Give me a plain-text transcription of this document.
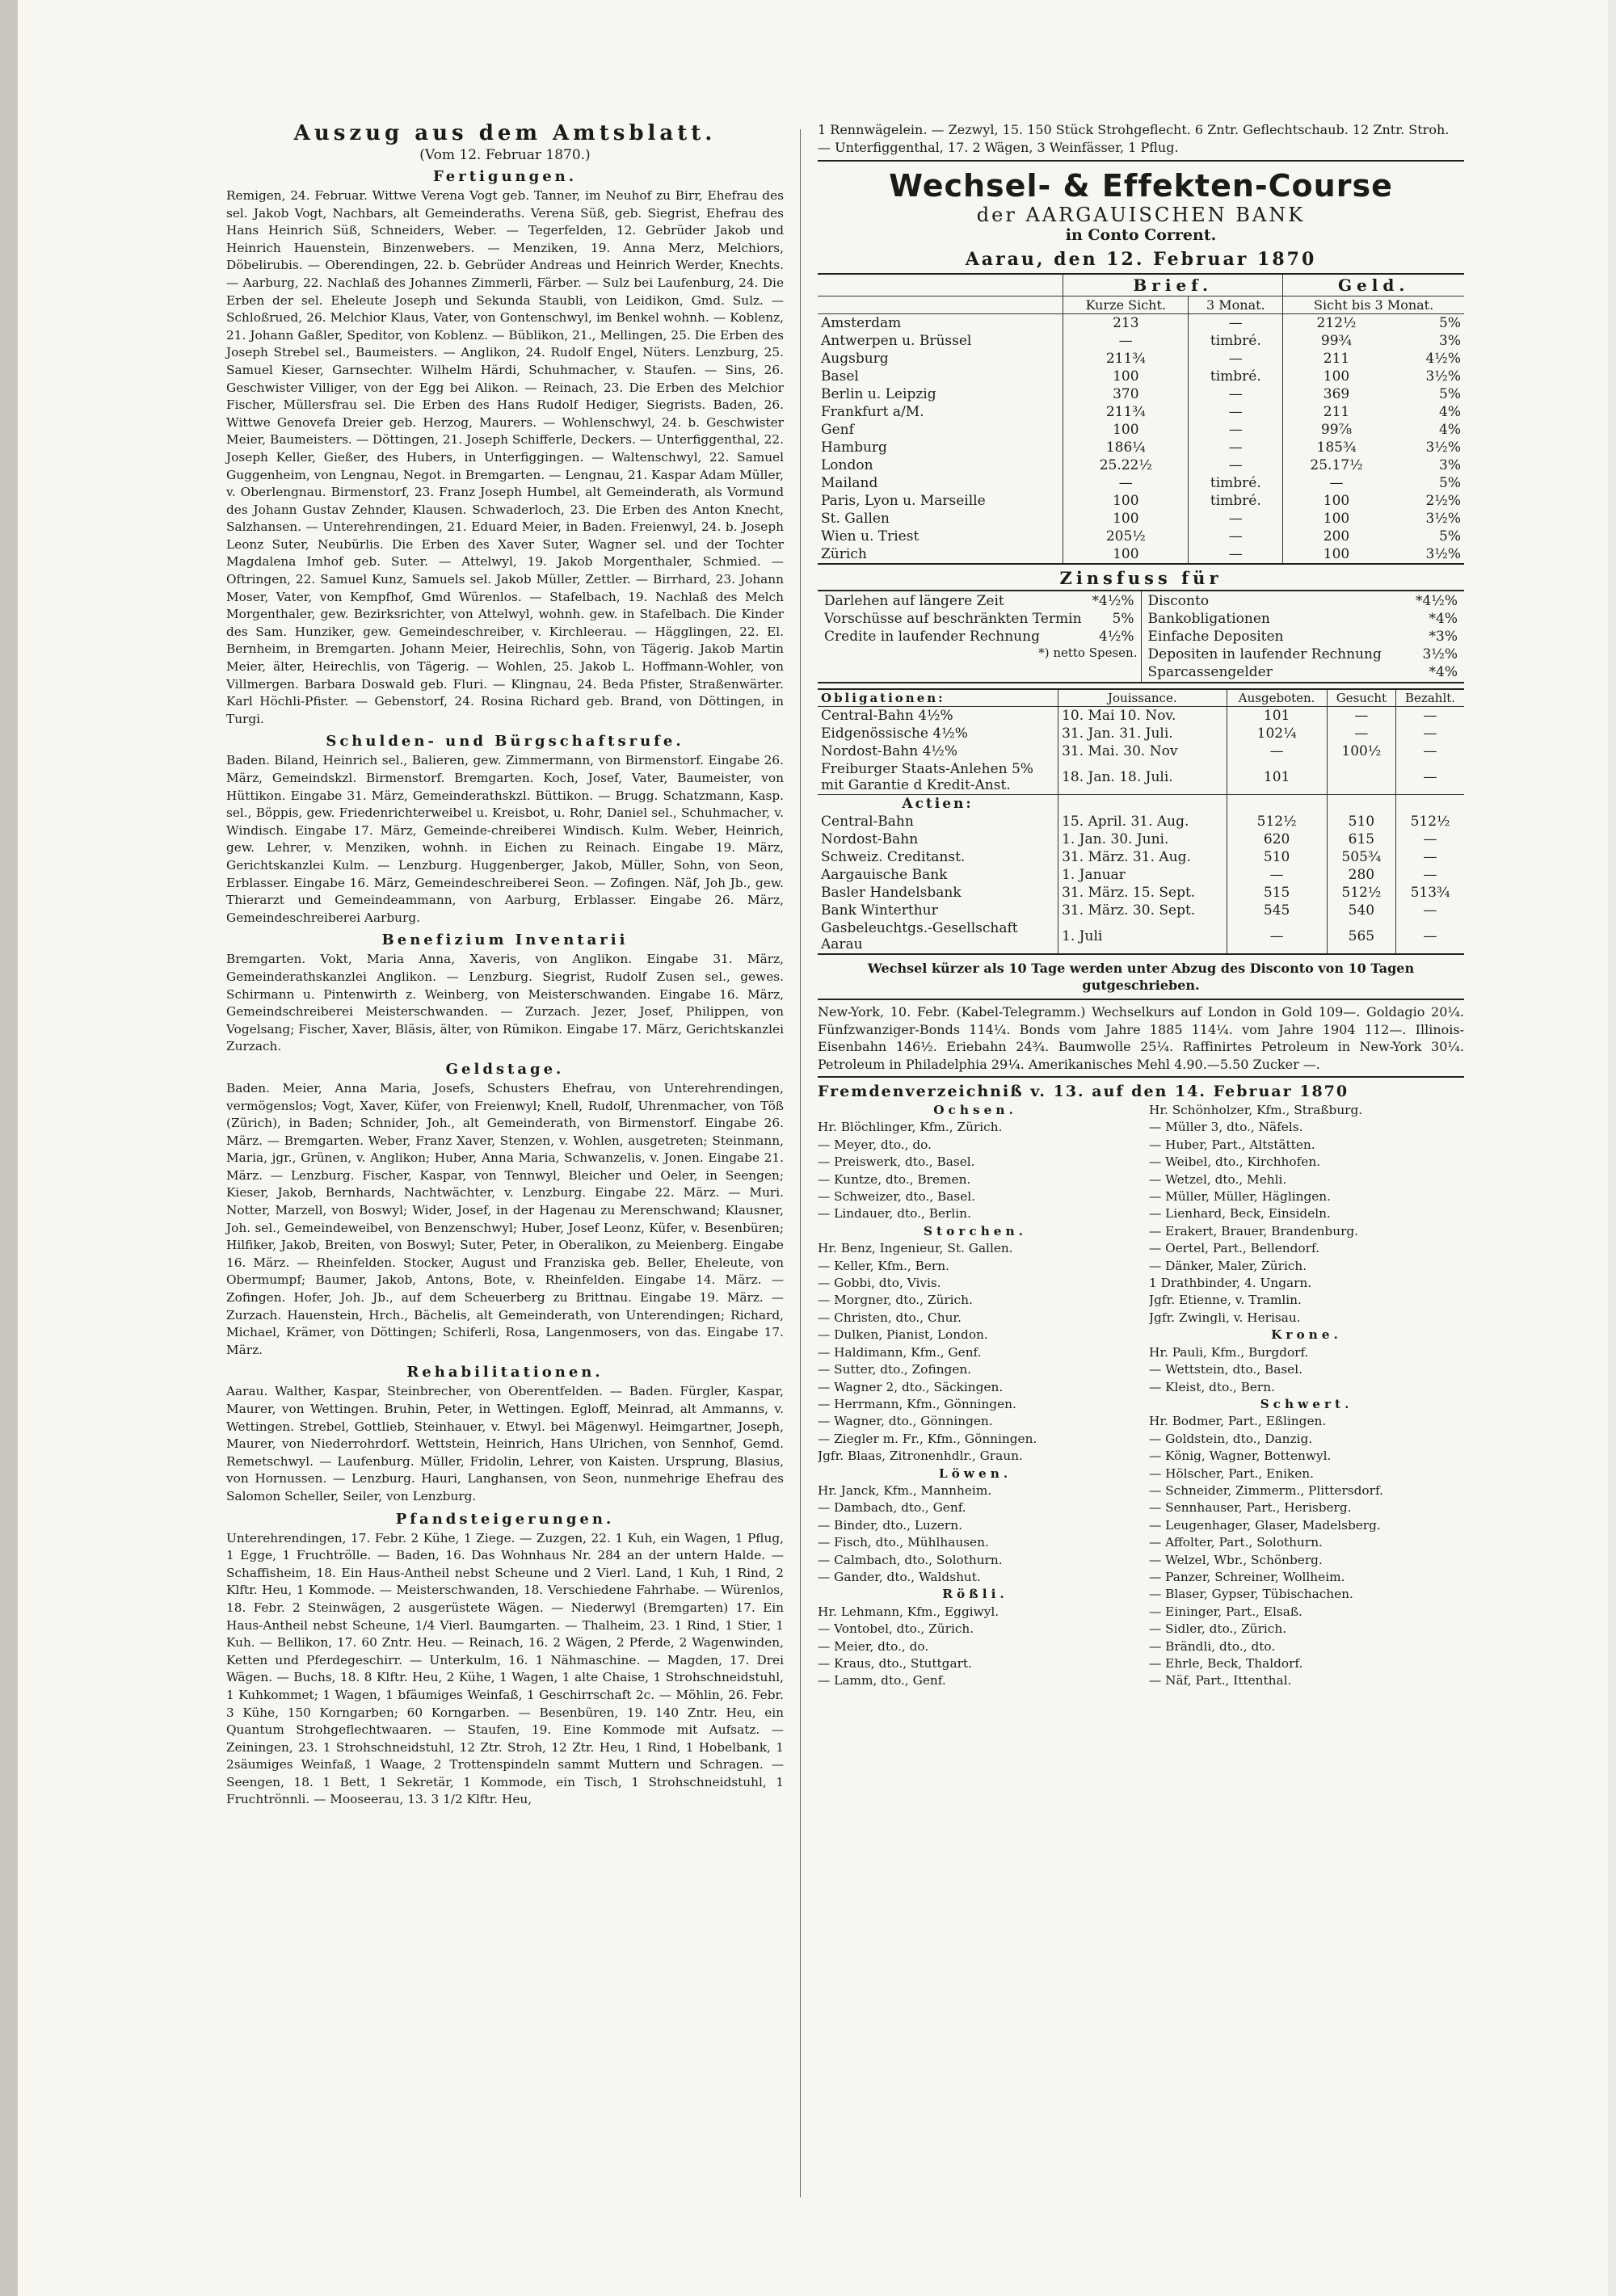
Auszug aus dem Amtsblatt.
(Vom 12. Februar 1870.)
Fertigungen.

Remigen, 24. Februar. Wittwe Verena Vogt geb. Tanner, im Neuhof zu Birr, Ehefrau des sel. Jakob Vogt, Nachbars, alt Gemeinderaths. Verena Süß, geb. Siegrist, Ehefrau des Hans Heinrich Süß, Schneiders, Weber. — Tegerfelden, 12. Gebrüder Jakob und Heinrich Hauenstein, Binzenwebers. — Menziken, 19. Anna Merz, Melchiors, Döbelirubis. — Oberendingen, 22. b. Gebrüder Andreas und Heinrich Werder, Knechts. — Aarburg, 22. Nachlaß des Johannes Zimmerli, Färber. — Sulz bei Laufenburg, 24. Die Erben der sel. Eheleute Joseph und Sekunda Staubli, von Leidikon, Gmd. Sulz. — Schloßrued, 26. Melchior Klaus, Vater, von Gontenschwyl, im Benkel wohnh. — Koblenz, 21. Johann Gaßler, Speditor, von Koblenz. — Büblikon, 21., Mellingen, 25. Die Erben des Joseph Strebel sel., Baumeisters. — Anglikon, 24. Rudolf Engel, Nüters. Lenzburg, 25. Samuel Kieser, Garnsechter. Wilhelm Härdi, Schuhmacher, v. Staufen. — Sins, 26. Geschwister Villiger, von der Egg bei Alikon. — Reinach, 23. Die Erben des Melchior Fischer, Müllersfrau sel. Die Erben des Hans Rudolf Hediger, Siegrists. Baden, 26. Wittwe Genovefa Dreier geb. Herzog, Maurers. — Wohlenschwyl, 24. b. Geschwister Meier, Baumeisters. — Döttingen, 21. Joseph Schifferle, Deckers. — Unterfiggenthal, 22. Joseph Keller, Gießer, des Hubers, in Unterfiggingen. — Waltenschwyl, 22. Samuel Guggenheim, von Lengnau, Negot. in Bremgarten. — Lengnau, 21. Kaspar Adam Müller, v. Oberlengnau. Birmenstorf, 23. Franz Joseph Humbel, alt Gemeinderath, als Vormund des Johann Gustav Zehnder, Klausen. Schwaderloch, 23. Die Erben des Anton Knecht, Salzhansen. — Unterehrendingen, 21. Eduard Meier, in Baden. Freienwyl, 24. b. Joseph Leonz Suter, Neubürlis. Die Erben des Xaver Suter, Wagner sel. und der Tochter Magdalena Imhof geb. Suter. — Attelwyl, 19. Jakob Morgenthaler, Schmied. — Oftringen, 22. Samuel Kunz, Samuels sel. Jakob Müller, Zettler. — Birrhard, 23. Johann Moser, Vater, von Kempfhof, Gmd Würenlos. — Stafelbach, 19. Nachlaß des Melch Morgenthaler, gew. Bezirksrichter, von Attelwyl, wohnh. gew. in Stafelbach. Die Kinder des Sam. Hunziker, gew. Gemeindeschreiber, v. Kirchleerau. — Hägglingen, 22. El. Bernheim, in Bremgarten. Johann Meier, Heirechlis, Sohn, von Tägerig. Jakob Martin Meier, älter, Heirechlis, von Tägerig. — Wohlen, 25. Jakob L. Hoffmann-Wohler, von Villmergen. Barbara Doswald geb. Fluri. — Klingnau, 24. Beda Pfister, Straßenwärter. Karl Höchli-Pfister. — Gebenstorf, 24. Rosina Richard geb. Brand, von Döttingen, in Turgi.

Schulden- und Bürgschaftsrufe.

Baden. Biland, Heinrich sel., Balieren, gew. Zimmermann, von Birmenstorf. Eingabe 26. März, Gemeindskzl. Birmenstorf. Bremgarten. Koch, Josef, Vater, Baumeister, von Hüttikon. Eingabe 31. März, Gemeinderathskzl. Büttikon. — Brugg. Schatzmann, Kasp. sel., Böppis, gew. Friedenrichterweibel u. Kreisbot, u. Rohr, Daniel sel., Schuhmacher, v. Windisch. Eingabe 17. März, Gemeinde-chreiberei Windisch. Kulm. Weber, Heinrich, gew. Lehrer, v. Menziken, wohnh. in Eichen zu Reinach. Eingabe 19. März, Gerichtskanzlei Kulm. — Lenzburg. Huggenberger, Jakob, Müller, Sohn, von Seon, Erblasser. Eingabe 16. März, Gemeindeschreiberei Seon. — Zofingen. Näf, Joh Jb., gew. Thierarzt und Gemeindeammann, von Aarburg, Erblasser. Eingabe 26. März, Gemeindeschreiberei Aarburg.

Benefizium Inventarii

Bremgarten. Vokt, Maria Anna, Xaveris, von Anglikon. Eingabe 31. März, Gemeinderathskanzlei Anglikon. — Lenzburg. Siegrist, Rudolf Zusen sel., gewes. Schirmann u. Pintenwirth z. Weinberg, von Meisterschwanden. Eingabe 16. März, Gemeindschreiberei Meisterschwanden. — Zurzach. Jezer, Josef, Philippen, von Vogelsang; Fischer, Xaver, Bläsis, älter, von Rümikon. Eingabe 17. März, Gerichtskanzlei Zurzach.

Geldstage.

Baden. Meier, Anna Maria, Josefs, Schusters Ehefrau, von Unterehrendingen, vermögenslos; Vogt, Xaver, Küfer, von Freienwyl; Knell, Rudolf, Uhrenmacher, von Töß (Zürich), in Baden; Schnider, Joh., alt Gemeinderath, von Birmenstorf. Eingabe 26. März. — Bremgarten. Weber, Franz Xaver, Stenzen, v. Wohlen, ausgetreten; Steinmann, Maria, jgr., Grünen, v. Anglikon; Huber, Anna Maria, Schwanzelis, v. Jonen. Eingabe 21. März. — Lenzburg. Fischer, Kaspar, von Tennwyl, Bleicher und Oeler, in Seengen; Kieser, Jakob, Bernhards, Nachtwächter, v. Lenzburg. Eingabe 22. März. — Muri. Notter, Marzell, von Boswyl; Wider, Josef, in der Hagenau zu Merenschwand; Klausner, Joh. sel., Gemeindeweibel, von Benzenschwyl; Huber, Josef Leonz, Küfer, v. Besenbüren; Hilfiker, Jakob, Breiten, von Boswyl; Suter, Peter, in Oberalikon, zu Meienberg. Eingabe 16. März. — Rheinfelden. Stocker, August und Franziska geb. Beller, Eheleute, von Obermumpf; Baumer, Jakob, Antons, Bote, v. Rheinfelden. Eingabe 14. März. — Zofingen. Hofer, Joh. Jb., auf dem Scheuerberg zu Brittnau. Eingabe 19. März. — Zurzach. Hauenstein, Hrch., Bächelis, alt Gemeinderath, von Unterendingen; Richard, Michael, Krämer, von Döttingen; Schiferli, Rosa, Langenmosers, von das. Eingabe 17. März.

Rehabilitationen.

Aarau. Walther, Kaspar, Steinbrecher, von Oberentfelden. — Baden. Fürgler, Kaspar, Maurer, von Wettingen. Bruhin, Peter, in Wettingen. Egloff, Meinrad, alt Ammanns, v. Wettingen. Strebel, Gottlieb, Steinhauer, v. Etwyl. bei Mägenwyl. Heimgartner, Joseph, Maurer, von Niederrohrdorf. Wettstein, Heinrich, Hans Ulrichen, von Sennhof, Gemd. Remetschwyl. — Laufenburg. Müller, Fridolin, Lehrer, von Kaisten. Ursprung, Blasius, von Hornussen. — Lenzburg. Hauri, Langhansen, von Seon, nunmehrige Ehefrau des Salomon Scheller, Seiler, von Lenzburg.

Pfandsteigerungen.

Unterehrendingen, 17. Febr. 2 Kühe, 1 Ziege. — Zuzgen, 22. 1 Kuh, ein Wagen, 1 Pflug, 1 Egge, 1 Fruchtrölle. — Baden, 16. Das Wohnhaus Nr. 284 an der untern Halde. — Schaffisheim, 18. Ein Haus-Antheil nebst Scheune und 2 Vierl. Land, 1 Kuh, 1 Rind, 2 Klftr. Heu, 1 Kommode. — Meisterschwanden, 18. Verschiedene Fahrhabe. — Würenlos, 18. Febr. 2 Steinwägen, 2 ausgerüstete Wägen. — Niederwyl (Bremgarten) 17. Ein Haus-Antheil nebst Scheune, 1/4 Vierl. Baumgarten. — Thalheim, 23. 1 Rind, 1 Stier, 1 Kuh. — Bellikon, 17. 60 Zntr. Heu. — Reinach, 16. 2 Wägen, 2 Pferde, 2 Wagenwinden, Ketten und Pferdegeschirr. — Unterkulm, 16. 1 Nähmaschine. — Magden, 17. Drei Wägen. — Buchs, 18. 8 Klftr. Heu, 2 Kühe, 1 Wagen, 1 alte Chaise, 1 Strohschneidstuhl, 1 Kuhkommet; 1 Wagen, 1 bfäumiges Weinfaß, 1 Geschirrschaft 2c. — Möhlin, 26. Febr. 3 Kühe, 150 Korngarben; 60 Korngarben. — Besenbüren, 19. 140 Zntr. Heu, ein Quantum Strohgeflechtwaaren. — Staufen, 19. Eine Kommode mit Aufsatz. — Zeiningen, 23. 1 Strohschneidstuhl, 12 Ztr. Stroh, 12 Ztr. Heu, 1 Rind, 1 Hobelbank, 1 2säumiges Weinfaß, 1 Waage, 2 Trottenspindeln sammt Muttern und Schragen. — Seengen, 18. 1 Bett, 1 Sekretär, 1 Kommode, ein Tisch, 1 Strohschneidstuhl, 1 Fruchtrönnli. — Mooseerau, 13. 3 1/2 Klftr. Heu,

1 Rennwägelein. — Zezwyl, 15. 150 Stück Strohgeflecht. 6 Zntr. Geflechtschaub. 12 Zntr. Stroh. — Unterfiggenthal, 17. 2 Wägen, 3 Weinfässer, 1 Pflug.
Wechsel- & Effekten-Course
der AARGAUISCHEN BANK
in Conto Corrent.
Aarau, den 12. Februar 1870
	Brief.		Geld.	
	Kurze Sicht.	3 Monat.	Sicht bis 3 Monat.	
Amsterdam	213	—	212½	5%
Antwerpen u. Brüssel	—	timbré.	99¾	3%
Augsburg	211¾	—	211	4½%
Basel	100	timbré.	100	3½%
Berlin u. Leipzig	370	—	369	5%
Frankfurt a/M.	211¾	—	211	4%
Genf	100	—	99⅞	4%
Hamburg	186¼	—	185¾	3½%
London	25.22½	—	25.17½	3%
Mailand	—	timbré.	—	5%
Paris, Lyon u. Marseille	100	timbré.	100	2½%
St. Gallen	100	—	100	3½%
Wien u. Triest	205½	—	200	5%
Zürich	100	—	100	3½%
Zinsfuss für
Darlehen auf längere Zeit	*4½%
Vorschüsse auf beschränkten Termin	5%
Credite in laufender Rechnung	4½%
*) netto Spesen.

Disconto	*4½%
Bankobligationen	*4%
Einfache Depositen	*3%
Depositen in laufender Rechnung	3½%
Sparcassengelder	*4%
Obligationen:	Jouissance.	Ausgeboten.	Gesucht	Bezahlt.
Central-Bahn 4½%	10. Mai 10. Nov.	101	—	—
Eidgenössische 4½%	31. Jan. 31. Juli.	102¼	—	—
Nordost-Bahn 4½%	31. Mai. 30. Nov	—	100½	—
Freiburger Staats-Anlehen 5% mit Garantie d Kredit-Anst.	18. Jan. 18. Juli.	101		—
Actien:				
Central-Bahn	15. April. 31. Aug.	512½	510	512½
Nordost-Bahn	1. Jan. 30. Juni.	620	615	—
Schweiz. Creditanst.	31. März. 31. Aug.	510	505¾	—
Aargauische Bank	1. Januar	—	280	—
Basler Handelsbank	31. März. 15. Sept.	515	512½	513¾
Bank Winterthur	31. März. 30. Sept.	545	540	—
Gasbeleuchtgs.-Gesellschaft Aarau	1. Juli	—	565	—
Wechsel kürzer als 10 Tage werden unter Abzug des Disconto von 10 Tagen gutgeschrieben.
New-York, 10. Febr. (Kabel-Telegramm.) Wechselkurs auf London in Gold 109—. Goldagio 20¼. Fünfzwanziger-Bonds 114¼. Bonds vom Jahre 1885 114¼. vom Jahre 1904 112—. Illinois-Eisenbahn 146½. Eriebahn 24¾. Baumwolle 25¼. Raffinirtes Petroleum in New-York 30¼. Petroleum in Philadelphia 29¼. Amerikanisches Mehl 4.90.—5.50 Zucker —.
Fremdenverzeichniß v. 13. auf den 14. Februar 1870
Ochsen.
Hr. Blöchlinger, Kfm., Zürich.
— Meyer, dto., do.
— Preiswerk, dto., Basel.
— Kuntze, dto., Bremen.
— Schweizer, dto., Basel.
— Lindauer, dto., Berlin.
Storchen.
Hr. Benz, Ingenieur, St. Gallen.
— Keller, Kfm., Bern.
— Gobbi, dto, Vivis.
— Morgner, dto., Zürich.
— Christen, dto., Chur.
— Dulken, Pianist, London.
— Haldimann, Kfm., Genf.
— Sutter, dto., Zofingen.
— Wagner 2, dto., Säckingen.
— Herrmann, Kfm., Gönningen.
— Wagner, dto., Gönningen.
— Ziegler m. Fr., Kfm., Gönningen.
Jgfr. Blaas, Zitronenhdlr., Graun.
Löwen.
Hr. Janck, Kfm., Mannheim.
— Dambach, dto., Genf.
— Binder, dto., Luzern.
— Fisch, dto., Mühlhausen.
— Calmbach, dto., Solothurn.
— Gander, dto., Waldshut.
Rößli.
Hr. Lehmann, Kfm., Eggiwyl.
— Vontobel, dto., Zürich.
— Meier, dto., do.
— Kraus, dto., Stuttgart.
— Lamm, dto., Genf.
Hr. Schönholzer, Kfm., Straßburg.
— Müller 3, dto., Näfels.
— Huber, Part., Altstätten.
— Weibel, dto., Kirchhofen.
— Wetzel, dto., Mehli.
— Müller, Müller, Häglingen.
— Lienhard, Beck, Einsideln.
— Erakert, Brauer, Brandenburg.
— Oertel, Part., Bellendorf.
— Dänker, Maler, Zürich.
1 Drathbinder, 4. Ungarn.
Jgfr. Etienne, v. Tramlin.
Jgfr. Zwingli, v. Herisau.
Krone.
Hr. Pauli, Kfm., Burgdorf.
— Wettstein, dto., Basel.
— Kleist, dto., Bern.
Schwert.
Hr. Bodmer, Part., Eßlingen.
— Goldstein, dto., Danzig.
— König, Wagner, Bottenwyl.
— Hölscher, Part., Eniken.
— Schneider, Zimmerm., Plittersdorf.
— Sennhauser, Part., Herisberg.
— Leugenhager, Glaser, Madelsberg.
— Affolter, Part., Solothurn.
— Welzel, Wbr., Schönberg.
— Panzer, Schreiner, Wollheim.
— Blaser, Gypser, Tübischachen.
— Eininger, Part., Elsaß.
— Sidler, dto., Zürich.
— Brändli, dto., dto.
— Ehrle, Beck, Thaldorf.
— Näf, Part., Ittenthal.
